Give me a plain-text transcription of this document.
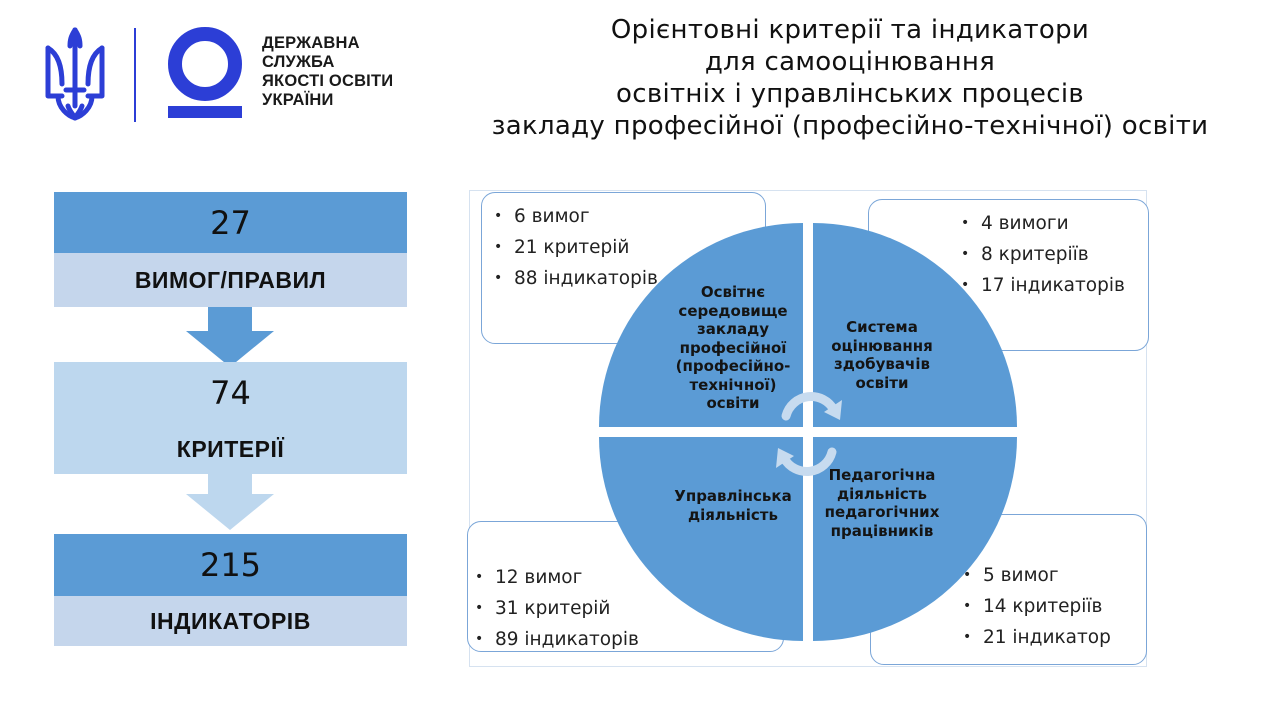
ДЕРЖАВНА
СЛУЖБА
ЯКОСТІ ОСВІТИ
УКРАЇНИ
Орієнтовні критерії та індикатори
для самооцінювання
освітніх і управлінських процесів
закладу професійної (професійно-технічної) освіти
27
ВИМОГ/ПРАВИЛ
74
КРИТЕРІЇ
215
ІНДИКАТОРІВ
• 6 вимог
• 21 критерій
• 88 індикаторів
• 4 вимоги
• 8 критеріїв
• 17 індикаторів
• 12 вимог
• 31 критерій
• 89 індикаторів
• 5 вимог
• 14 критеріїв
• 21 індикатор
Освітнє
середовище
закладу
професійної
(професійно-
технічної)
освіти
Система
оцінювання
здобувачів
освіти
Управлінська
діяльність
Педагогічна
діяльність
педагогічних
працівників
